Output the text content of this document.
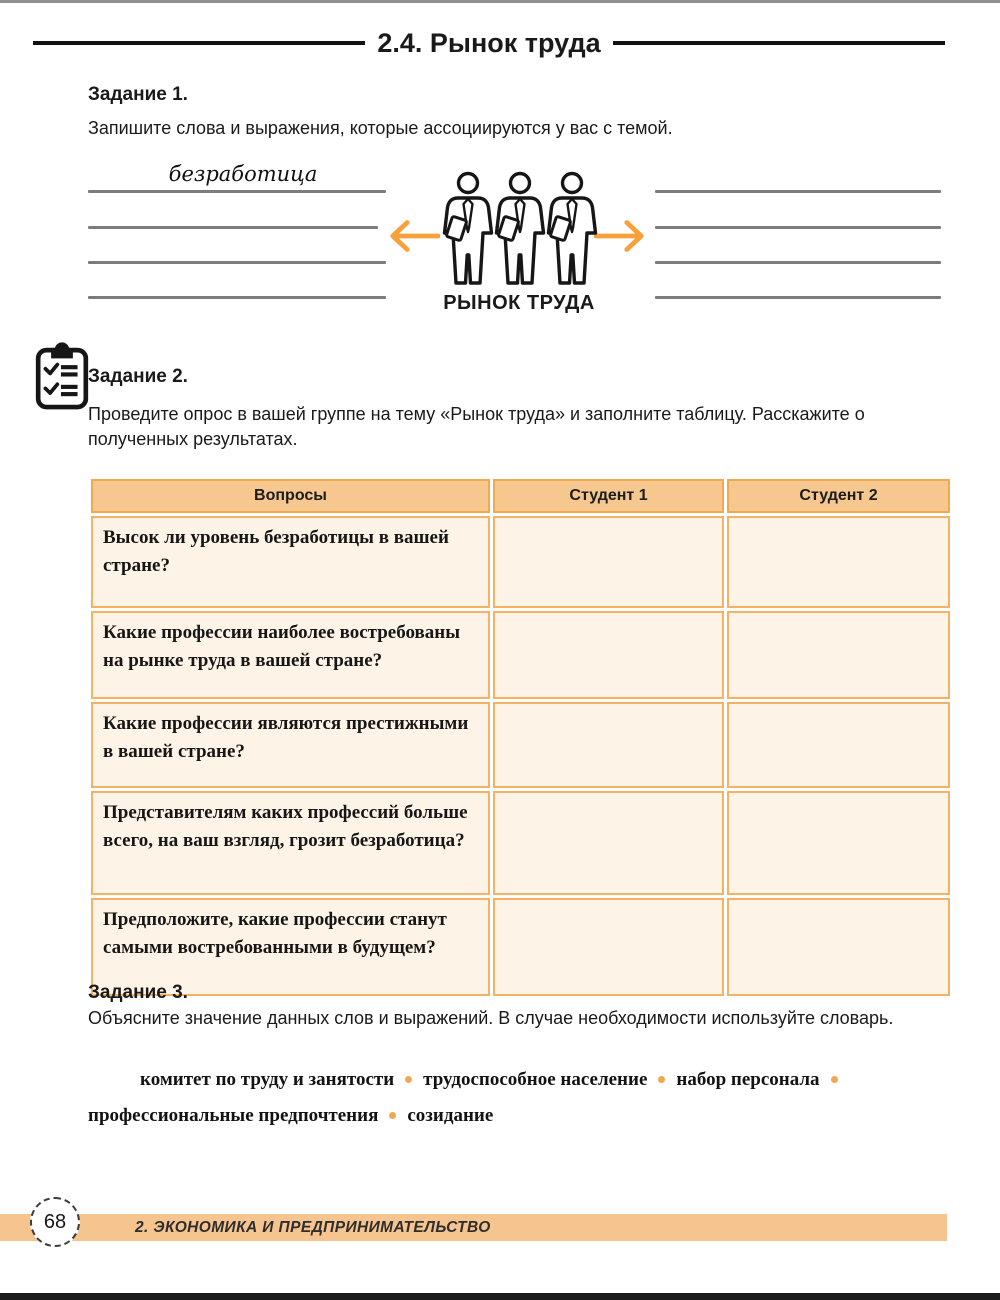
2.4. Рынок труда
Задание 1.
Запишите слова и выражения, которые ассоциируются у вас с темой.
безработица
РЫНОК ТРУДА
Задание 2.
Проведите опрос в вашей группе на тему «Рынок труда» и заполните таблицу. Расскажите о полученных результатах.
Вопросы	Студент 1	Студент 2
Высок ли уровень безработицы в вашей стране?		
Какие профессии наиболее востребованы на рынке труда в вашей стране?		
Какие профессии являются престижными в вашей стране?		
Представителям каких профессий больше всего, на ваш взгляд, грозит безработица?		
Предположите, какие профессии станут самыми востребованными в будущем?		
Задание 3.
Объясните значение данных слов и выражений. В случае необходимости используйте словарь.
комитет по труду и занятости трудоспособное население набор персоналапрофессиональные предпочтения созидание
2. ЭКОНОМИКА И ПРЕДПРИНИМАТЕЛЬСТВО
68
